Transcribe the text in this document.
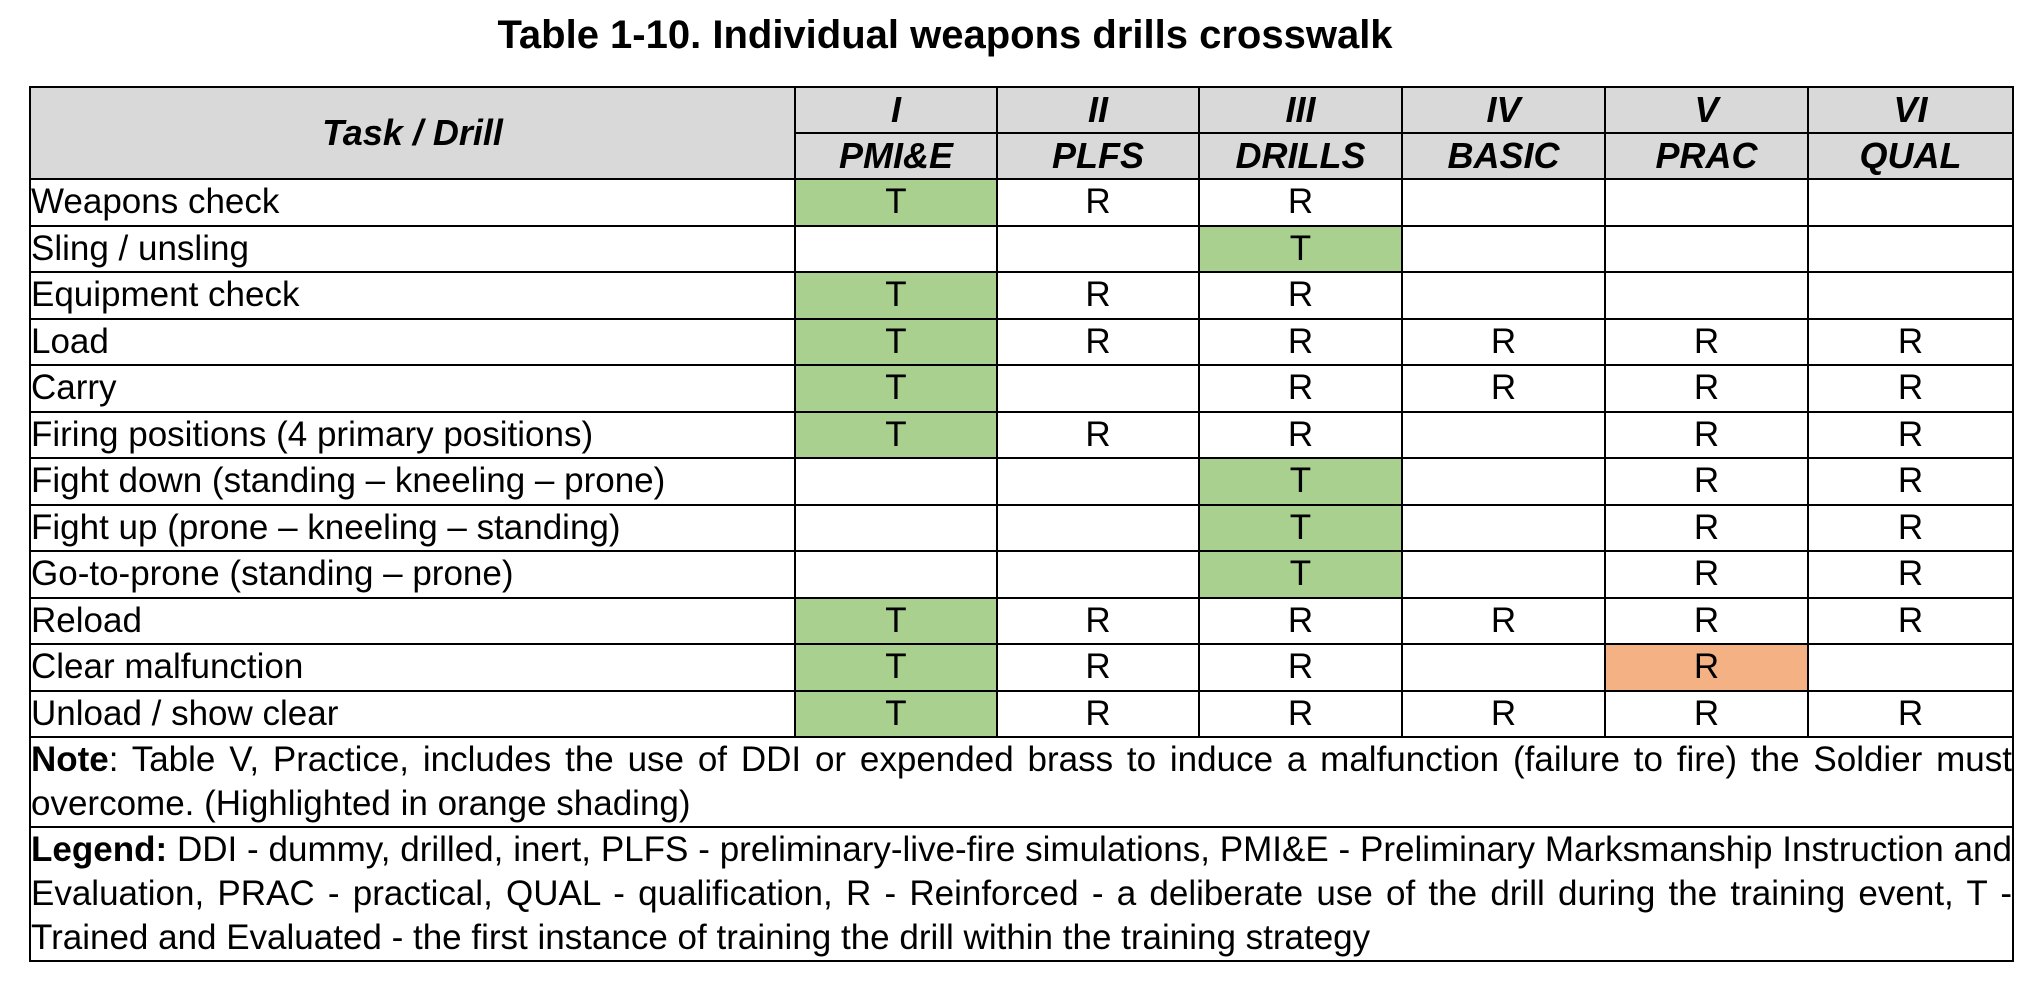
Table 1-10. Individual weapons drills crosswalk
Task / Drill	I	II	III	IV	V	VI
	PMI&E	PLFS	DRILLS	BASIC	PRAC	QUAL
Weapons check	T	R	R			
Sling / unsling			T			
Equipment check	T	R	R			
Load	T	R	R	R	R	R
Carry	T		R	R	R	R
Firing positions (4 primary positions)	T	R	R		R	R
Fight down (standing – kneeling – prone)			T		R	R
Fight up (prone – kneeling – standing)			T		R	R
Go-to-prone (standing – prone)			T		R	R
Reload	T	R	R	R	R	R
Clear malfunction	T	R	R		R	
Unload / show clear	T	R	R	R	R	R
Note: Table V, Practice, includes the use of DDI or expended brass to induce a malfunction (failure to fire) the Soldier must overcome. (Highlighted in orange shading)						
Legend: DDI - dummy, drilled, inert, PLFS - preliminary-live-fire simulations, PMI&E - Preliminary Marksmanship Instruction and Evaluation, PRAC - practical, QUAL - qualification, R - Reinforced - a deliberate use of the drill during the training event, T - Trained and Evaluated - the first instance of training the drill within the training strategy						
